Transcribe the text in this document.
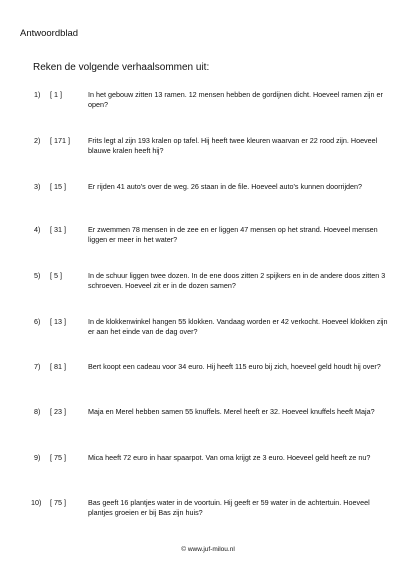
Antwoordblad
Reken de volgende verhaalsommen uit:
1) [ 1 ]	In het gebouw zitten 13 ramen. 12 mensen hebben de gordijnen dicht. Hoeveel ramen zijn er open?
2) [ 171 ]	Frits legt al zijn 193 kralen op tafel. Hij heeft twee kleuren waarvan er 22 rood zijn. Hoeveel blauwe kralen heeft hij?
3) [ 15 ]	Er rijden 41 auto's over de weg. 26 staan in de file. Hoeveel auto's kunnen doorrijden?
4) [ 31 ]	Er zwemmen 78 mensen in de zee en er liggen 47 mensen op het strand. Hoeveel mensen liggen er meer in het water?
5) [ 5 ]	In de schuur liggen twee dozen. In de ene doos zitten 2 spijkers en in de andere doos zitten 3 schroeven. Hoeveel zit er in de dozen samen?
6) [ 13 ]	In de klokkenwinkel hangen 55 klokken. Vandaag worden er 42 verkocht. Hoeveel klokken zijn er aan het einde van de dag over?
7) [ 81 ]	Bert koopt een cadeau voor 34 euro. Hij heeft 115 euro bij zich, hoeveel geld houdt hij over?
8) [ 23 ]	Maja en Merel hebben samen 55 knuffels. Merel heeft er 32. Hoeveel knuffels heeft Maja?
9) [ 75 ]	Mica heeft 72 euro in haar spaarpot. Van oma krijgt ze 3 euro. Hoeveel geld heeft ze nu?
10) [ 75 ]	Bas geeft 16 plantjes water in de voortuin. Hij geeft er 59 water in de achtertuin. Hoeveel plantjes groeien er bij Bas zijn huis?
© www.juf-milou.nl
